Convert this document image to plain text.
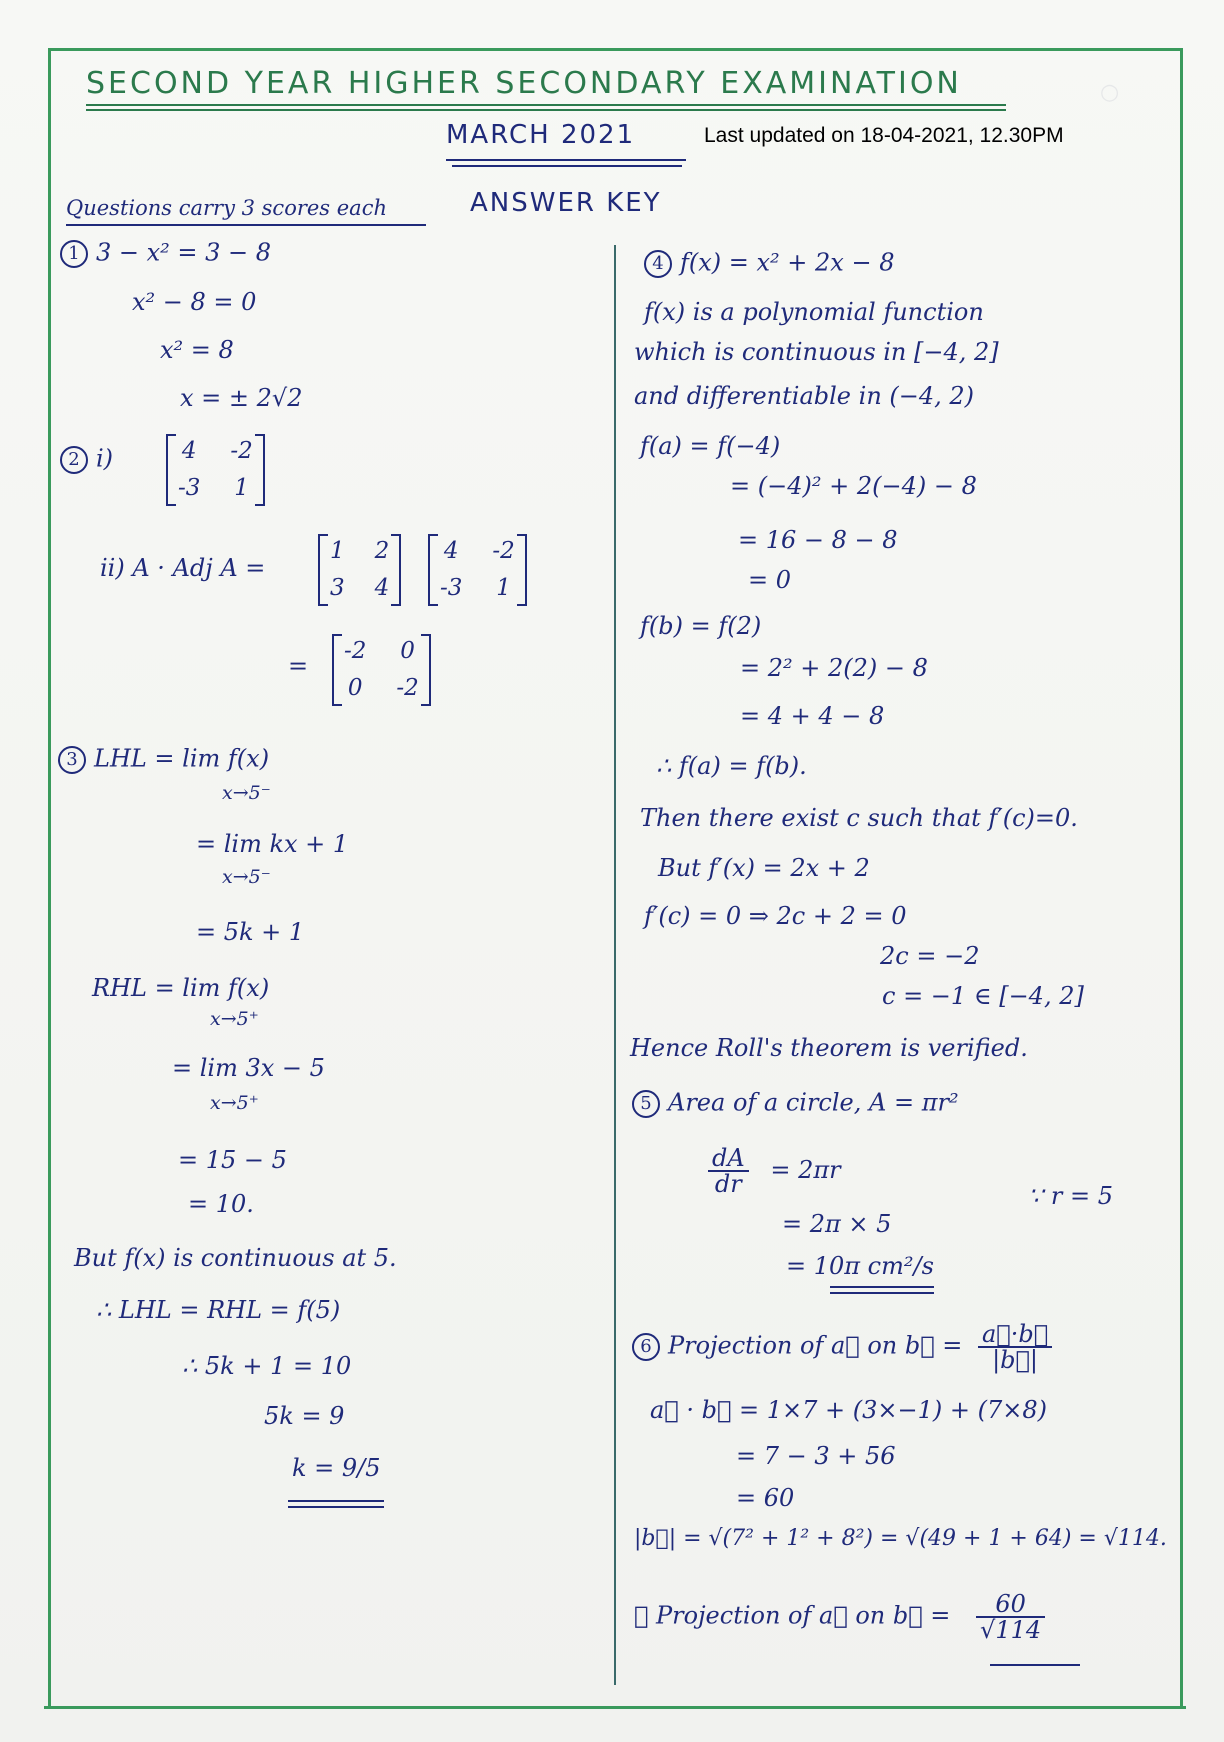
○
SECOND YEAR HIGHER SECONDARY EXAMINATION
MARCH 2021	Last updated on 18-04-2021, 12.30PM
Questions carry 3 scores each	ANSWER KEY
1 3 − x² = 3 − 8
x² − 8 = 0
x² = 8
x = ± 2√2
2 i)	4 -2
-3 1
ii) A · Adj A =
1 2
3 4
4 -2
-3 1
=
-2 0
0 -2
3 LHL = lim f(x)
x→5⁻
= lim kx + 1
x→5⁻
= 5k + 1
RHL = lim f(x)
x→5⁺
= lim 3x − 5
x→5⁺
= 15 − 5
= 10.
But f(x) is continuous at 5.
∴ LHL = RHL = f(5)
∴ 5k + 1 = 10
5k = 9
k = 9/5
4 f(x) = x² + 2x − 8
f(x) is a polynomial function
which is continuous in [−4, 2]
and differentiable in (−4, 2)
f(a) = f(−4)
= (−4)² + 2(−4) − 8
= 16 − 8 − 8
= 0
f(b) = f(2)
= 2² + 2(2) − 8
= 4 + 4 − 8
∴ f(a) = f(b).
Then there exist c such that f′(c)=0.
But f′(x) = 2x + 2
f′(c) = 0 ⇒ 2c + 2 = 0
2c = −2
c = −1 ∈ [−4, 2]
Hence Roll's theorem is verified.
5 Area of a circle, A = πr²
$\frac{dA}{dr} = 2\pi r$
= 2π × 5
∵ r = 5
= 10π cm²/s
6 Projection of a⃗ on b⃗ = $\frac{a⃗\cdot b⃗}{|b⃗|}$
a⃗ · b⃗ = 1×7 + (3×−1) + (7×8)
= 7 − 3 + 56
= 60
|b⃗| = √(7² + 1² + 8²) = √(49 + 1 + 64) = √114.
∴ Projection of a⃗ on b⃗ = $\frac{60}{√114}$
